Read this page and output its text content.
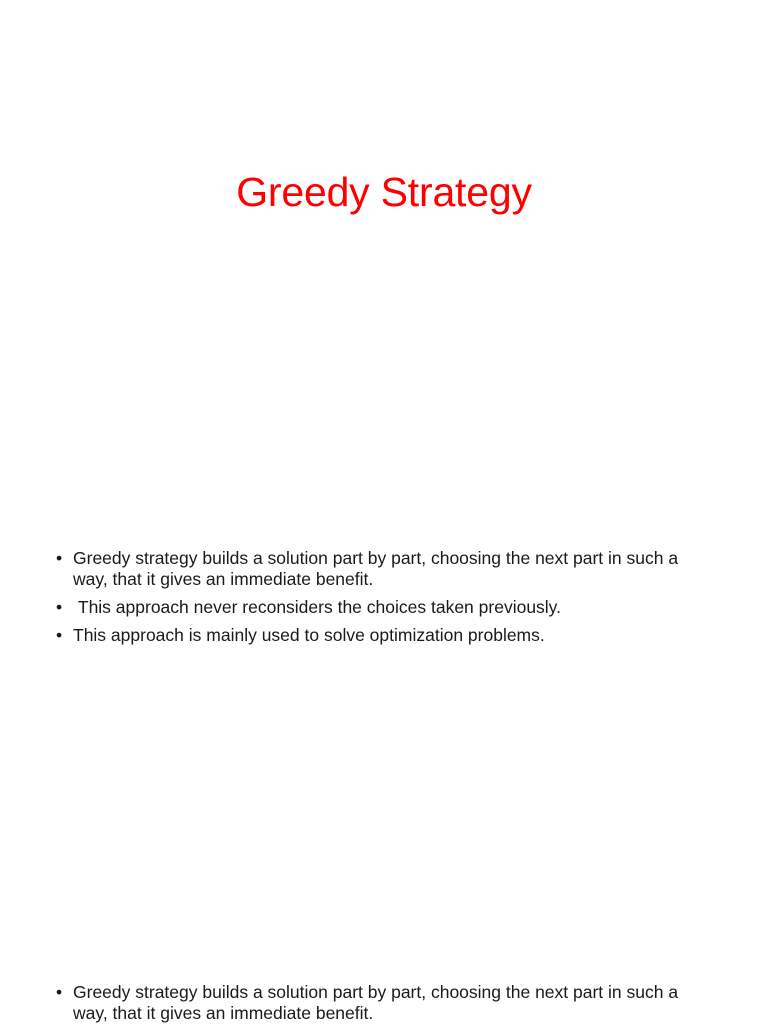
Greedy Strategy
• Greedy strategy builds a solution part by part, choosing the next part in such a way, that it gives an immediate benefit.
• This approach never reconsiders the choices taken previously.
• This approach is mainly used to solve optimization problems.
• Greedy strategy builds a solution part by part, choosing the next part in such a way, that it gives an immediate benefit.
